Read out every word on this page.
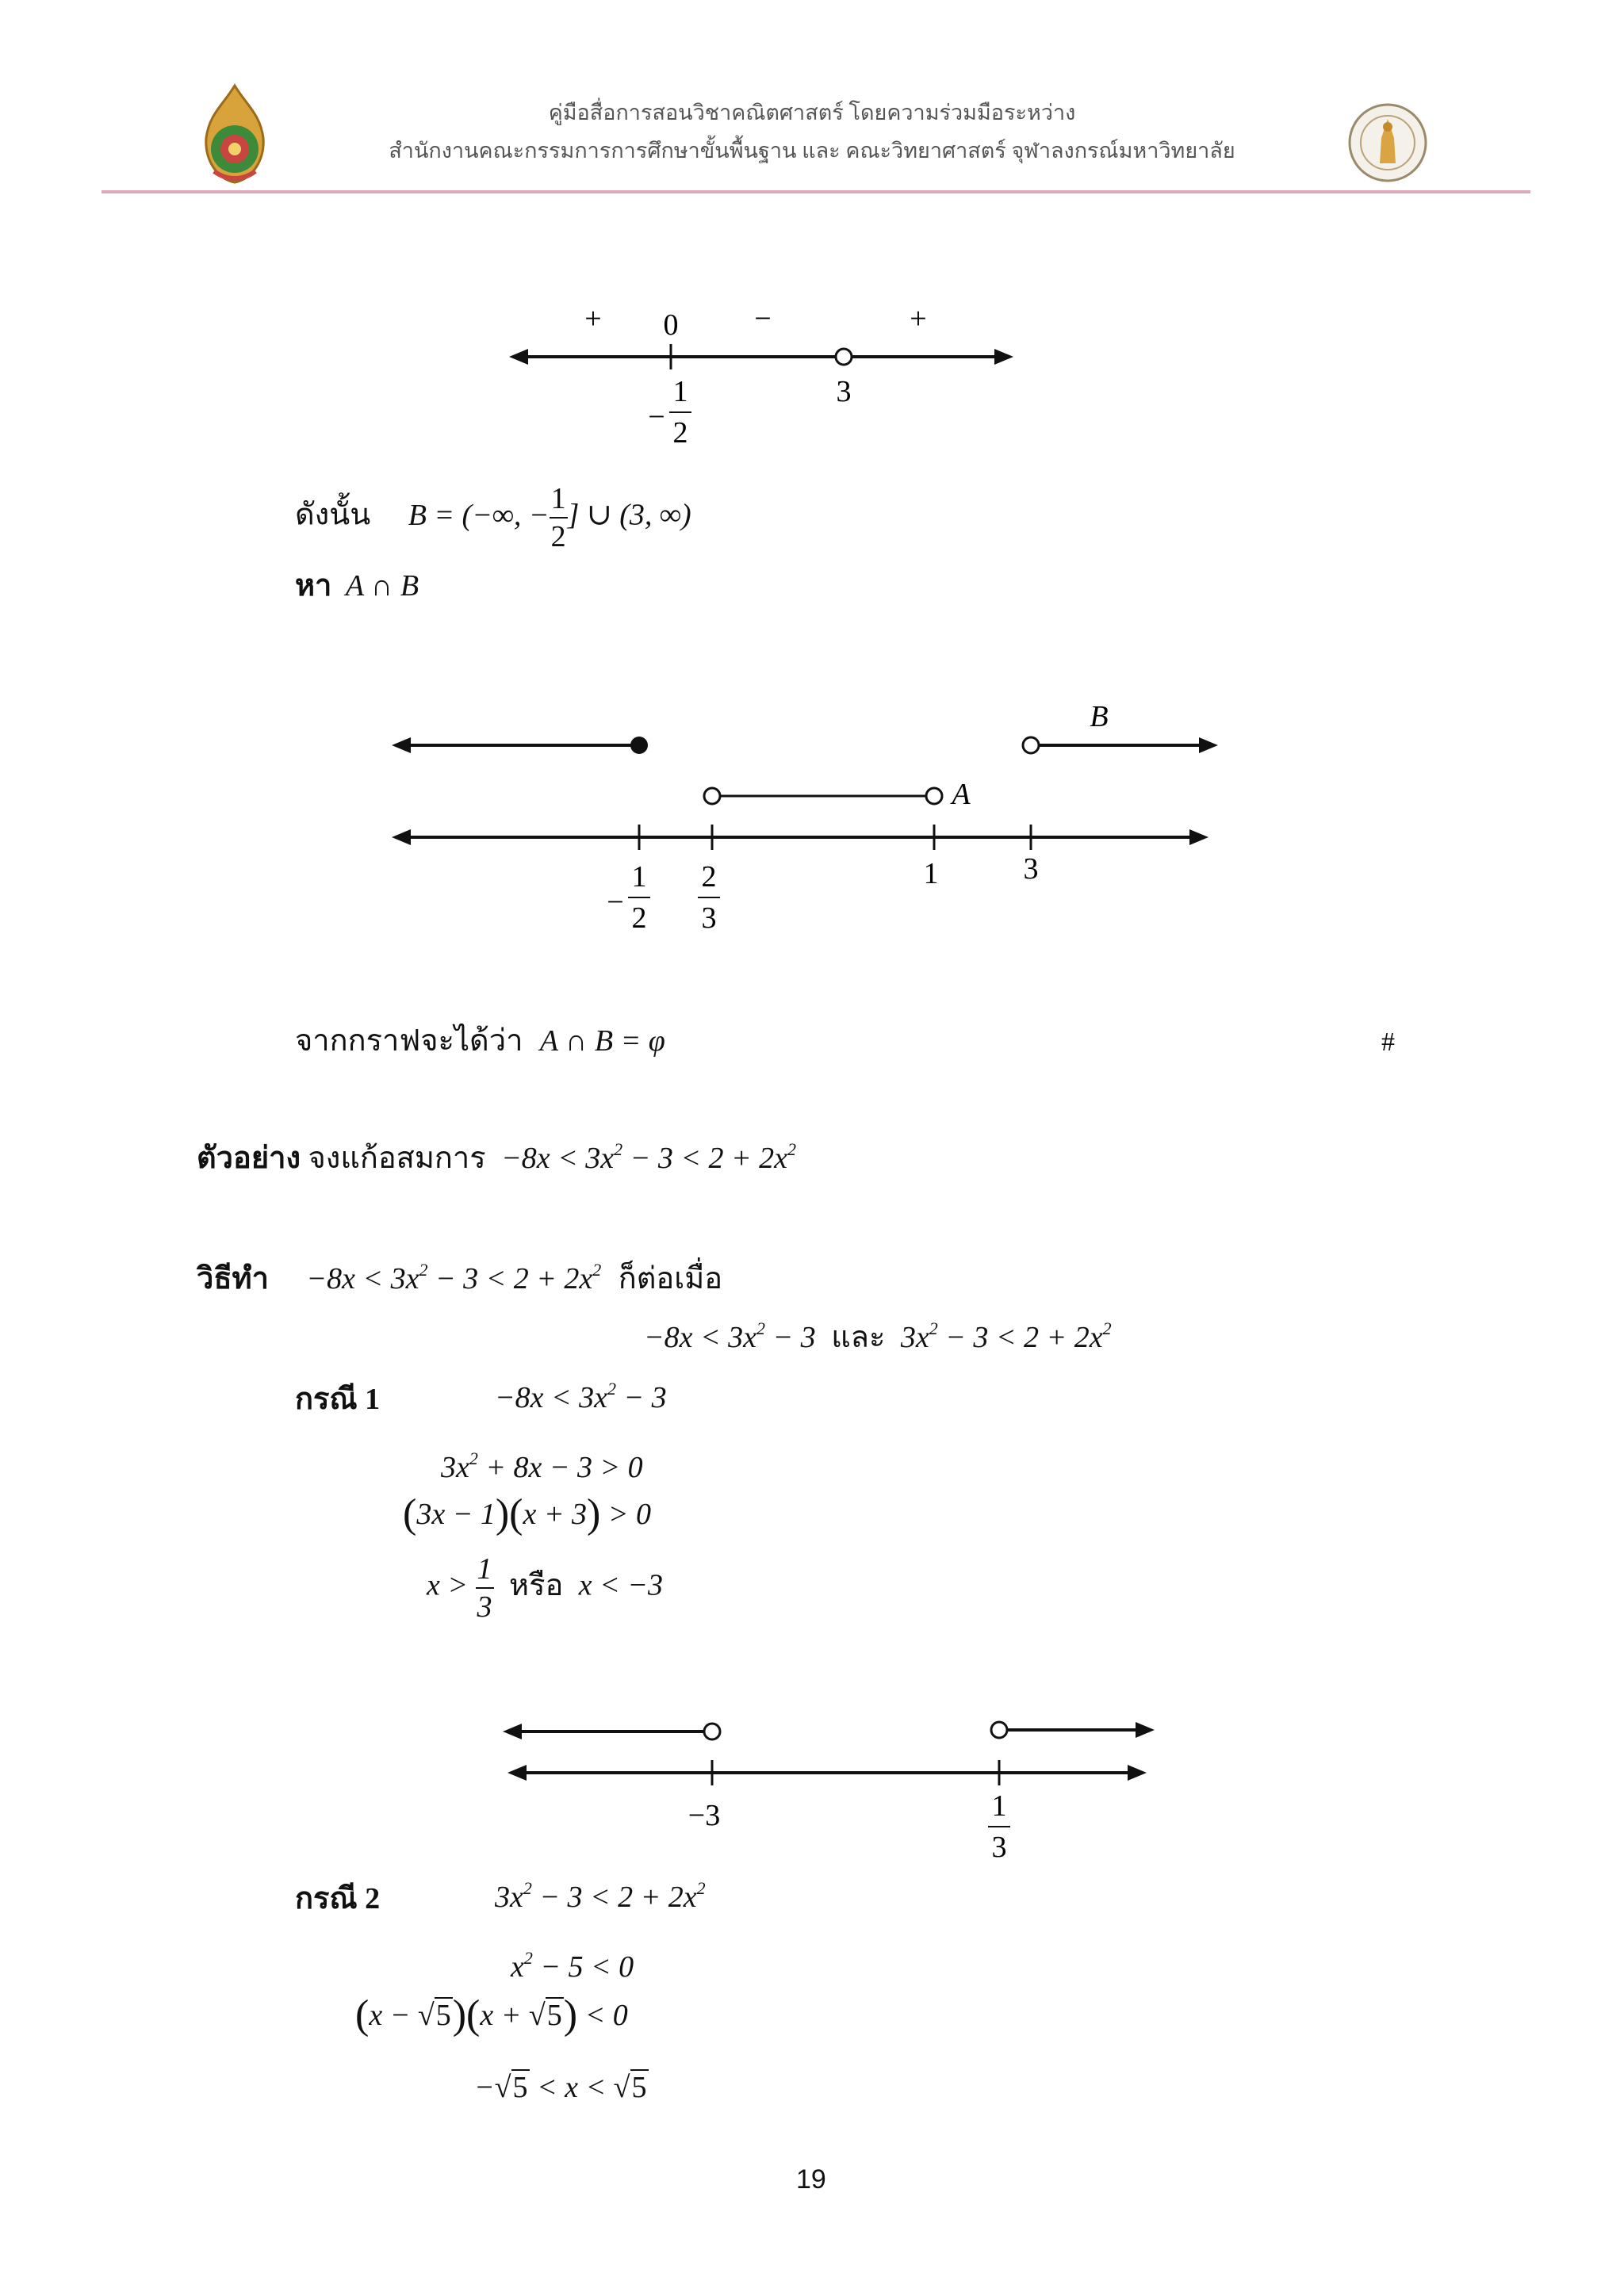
คู่มือสื่อการสอนวิชาคณิตศาสตร์ โดยความร่วมมือระหว่าง
สำนักงานคณะกรรมการการศึกษาขั้นพื้นฐาน และ คณะวิทยาศาสตร์ จุฬาลงกรณ์มหาวิทยาลัย
+ 0	−	+
3
−
1
2
ดังนั้น B = (−∞, − $\frac{1}{2}$ ] ∪ (3, ∞)
หา A ∩ B
B
A
−
1
2
2
3
1	3
จากกราฟจะได้ว่า A ∩ B = φ	#
ตัวอย่าง จงแก้อสมการ $-8x < 3x^2 - 3 < 2 + 2x^2$
วิธีทำ $-8x < 3x^2 - 3 < 2 + 2x^2$ ก็ต่อเมื่อ
$-8x < 3x^2 - 3$ และ $3x^2 - 3 < 2 + 2x^2$
กรณี 1	$-8x < 3x^2 - 3$
$3x^2 + 8x - 3 > 0$
(3x − 1)(x + 3) > 0
$x > \frac{1}{3}$ หรือ x < −3
−3	1
3
กรณี 2	$3x^2 - 3 < 2 + 2x^2$
$x^2 - 5 < 0$
(x − √5)(x + √5) < 0
−√5 < x < √5
19
